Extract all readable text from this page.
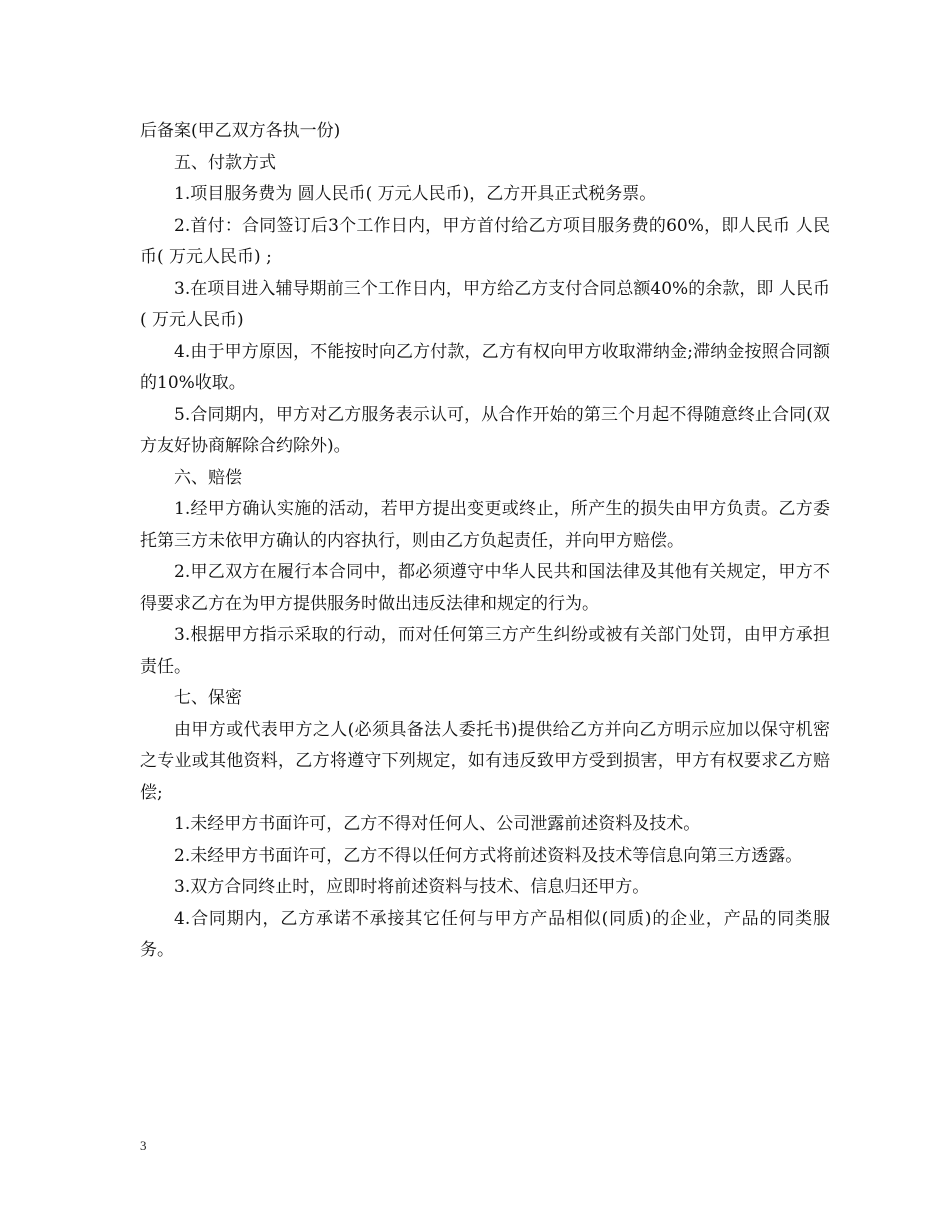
后备案(甲乙双方各执一份)

五、付款方式

1.项目服务费为 圆人民币( 万元人民币)，乙方开具正式税务票。

2.首付：合同签订后3个工作日内，甲方首付给乙方项目服务费的60%，即人民币 人民币( 万元人民币) ;

3.在项目进入辅导期前三个工作日内，甲方给乙方支付合同总额40%的余款，即 人民币( 万元人民币)

4.由于甲方原因，不能按时向乙方付款，乙方有权向甲方收取滞纳金;滞纳金按照合同额的10%收取。

5.合同期内，甲方对乙方服务表示认可，从合作开始的第三个月起不得随意终止合同(双方友好协商解除合约除外)。

六、赔偿

1.经甲方确认实施的活动，若甲方提出变更或终止，所产生的损失由甲方负责。乙方委托第三方未依甲方确认的内容执行，则由乙方负起责任，并向甲方赔偿。

2.甲乙双方在履行本合同中，都必须遵守中华人民共和国法律及其他有关规定，甲方不得要求乙方在为甲方提供服务时做出违反法律和规定的行为。

3.根据甲方指示采取的行动，而对任何第三方产生纠纷或被有关部门处罚，由甲方承担责任。

七、保密

由甲方或代表甲方之人(必须具备法人委托书)提供给乙方并向乙方明示应加以保守机密之专业或其他资料，乙方将遵守下列规定，如有违反致甲方受到损害，甲方有权要求乙方赔偿;

1.未经甲方书面许可，乙方不得对任何人、公司泄露前述资料及技术。

2.未经甲方书面许可，乙方不得以任何方式将前述资料及技术等信息向第三方透露。

3.双方合同终止时，应即时将前述资料与技术、信息归还甲方。

4.合同期内，乙方承诺不承接其它任何与甲方产品相似(同质)的企业，产品的同类服务。

3
